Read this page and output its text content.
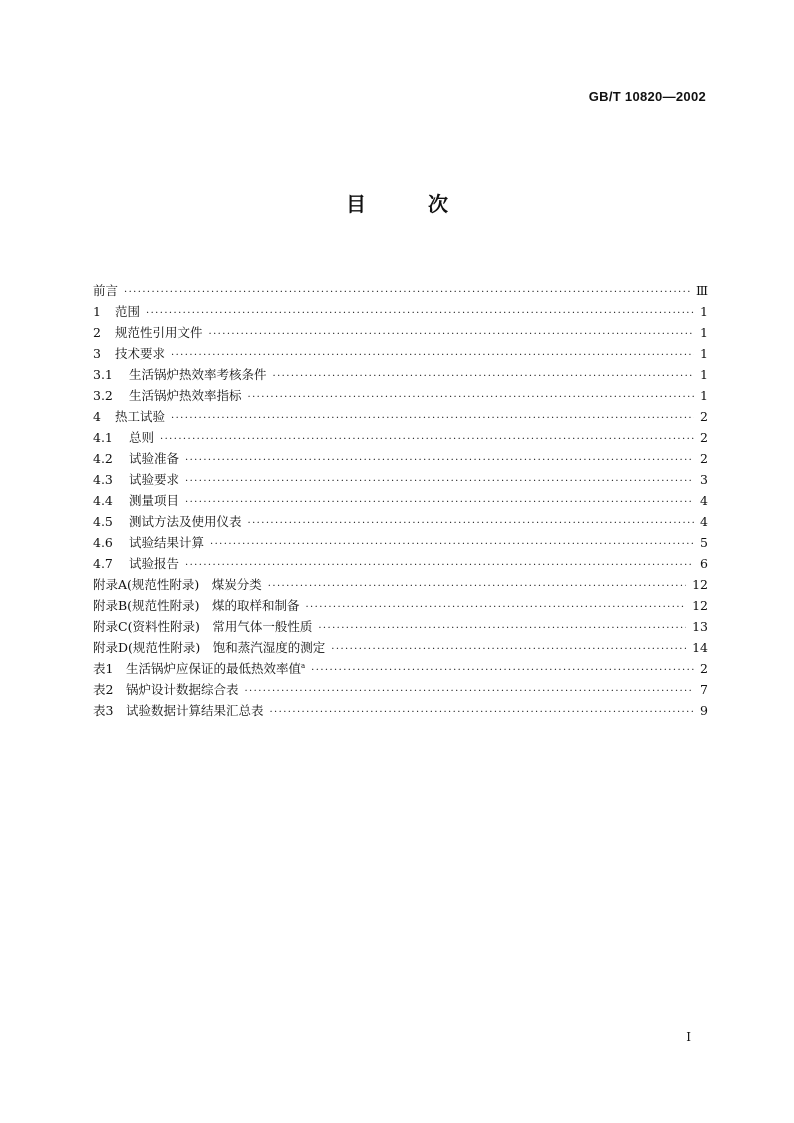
GB/T 10820—2002
目	次
前言 ·····	Ⅲ
1	范围 ·····	1
2	规范性引用文件 ·····	1
3	技术要求 ·····	1
3.1	生活锅炉热效率考核条件 ·····	1
3.2	生活锅炉热效率指标 ·····	1
4	热工试验 ·····	2
4.1	总则 ·····	2
4.2	试验准备 ·····	2
4.3	试验要求 ·····	3
4.4	测量项目 ·····	4
4.5	测试方法及使用仪表 ·····	4
4.6	试验结果计算 ·····	5
4.7	试验报告 ·····	6
附录A(规范性附录)　煤炭分类 ·····	12
附录B(规范性附录)　煤的取样和制备 ·····	12
附录C(资料性附录)　常用气体一般性质 ·····	13
附录D(规范性附录)　饱和蒸汽湿度的测定 ·····	14
表1　生活锅炉应保证的最低热效率值$^a$ ·····	2
表2　锅炉设计数据综合表 ·····	7
表3　试验数据计算结果汇总表 ·····	9
I
